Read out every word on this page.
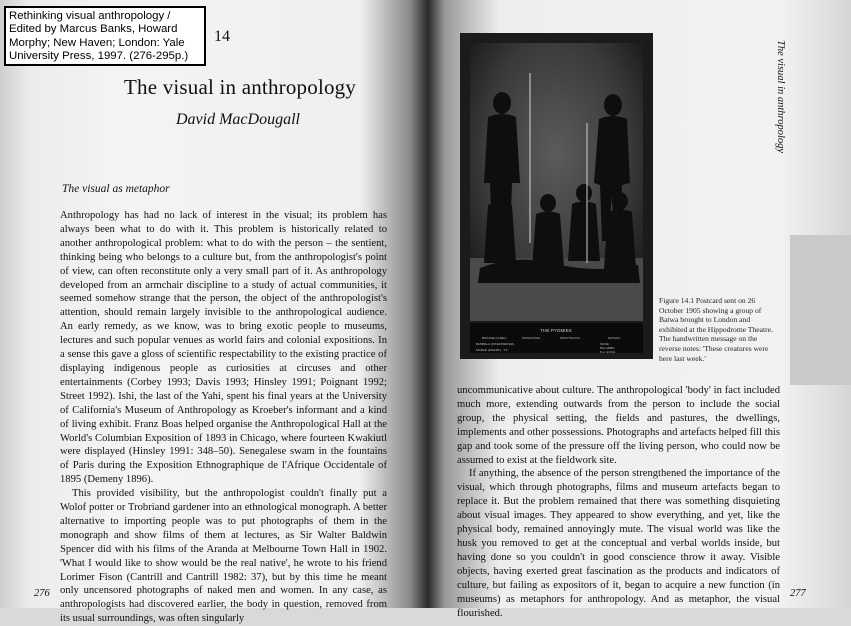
Rethinking visual anthropology /
Edited by Marcus Banks, Howard
Morphy; New Haven; London: Yale
University Press, 1997. (276-295p.)
14
The visual in anthropology
David MacDougall
The visual as metaphor

Anthropology has had no lack of interest in the visual; its problem has always been what to do with it. This problem is historically related to another anthropological problem: what to do with the person – the sentient, thinking being who belongs to a culture but, from the anthropologist's point of view, can often reconstitute only a very small part of it. As anthropology developed from an armchair discipline to a study of actual communities, it seemed somehow strange that the person, the object of the anthropologist's attention, should remain largely invisible to the anthropological audience. An early remedy, as we know, was to bring exotic people to museums, lectures and such popular venues as world fairs and colonial expositions. In a sense this gave a gloss of scientific respectability to the existing practice of displaying indigenous people as curiosities at circuses and other entertainments (Corbey 1993; Davis 1993; Hinsley 1991; Poignant 1992; Street 1992). Ishi, the last of the Yahi, spent his final years at the University of California's Museum of Anthropology as Kroeber's informant and a kind of living exhibit. Franz Boas helped organise the Anthropological Hall at the World's Columbian Exposition of 1893 in Chicago, where fourteen Kwakiutl were displayed (Hinsley 1991: 348–50). Senegalese swam in the fountains of Paris during the Exposition Ethnographique de l'Afrique Occidentale of 1895 (Demeny 1896).

This provided visibility, but the anthropologist couldn't finally put a Wolof potter or Trobriand gardener into an ethnological monograph. A better alternative to importing people was to put photographs of them in the monograph and show films of them at lectures, as Sir Walter Baldwin Spencer did with his films of the Aranda at Melbourne Town Hall in 1902. 'What I would like to show would be the real native', he wrote to his friend Lorimer Fison (Cantrill and Cantrill 1982: 37), but by this time he meant only uncensored photographs of naked men and women. In any case, as anthropologists had discovered earlier, the body in question, removed from its usual surroundings, was often singularly

276
THE PYGMIES
BOKANE (CHIEF).	MONGONGA.	MATUTIGUOA.	MATUKA.
BAMBALA (INTERPRETER).	MOKE.
BULAMBA.
MORAE (DWARF) - T.S.	N.A. EVOA.
Figure 14.1 Postcard sent on 26 October 1905 showing a group of Batwa brought to London and exhibited at the Hippodrome Theatre. The handwritten message on the reverse notes: 'These creatures were here last week.'
The visual in anthropology

uncommunicative about culture. The anthropological 'body' in fact included much more, extending outwards from the person to include the social group, the physical setting, the fields and pastures, the dwellings, implements and other possessions. Photographs and artefacts helped fill this gap and took some of the pressure off the living person, who could now be assumed to exist at the fieldwork site.

If anything, the absence of the person strengthened the importance of the visual, which through photographs, films and museum artefacts began to replace it. But the problem remained that there was something disquieting about visual images. They appeared to show everything, and yet, like the physical body, remained annoyingly mute. The visual world was like the husk you removed to get at the conceptual and verbal worlds inside, but having done so you couldn't in good conscience throw it away. Visible objects, having exerted great fascination as the products and indicators of culture, but failing as expositors of it, began to acquire a new function (in museums) as metaphors for anthropology. And as metaphor, the visual flourished.

277
